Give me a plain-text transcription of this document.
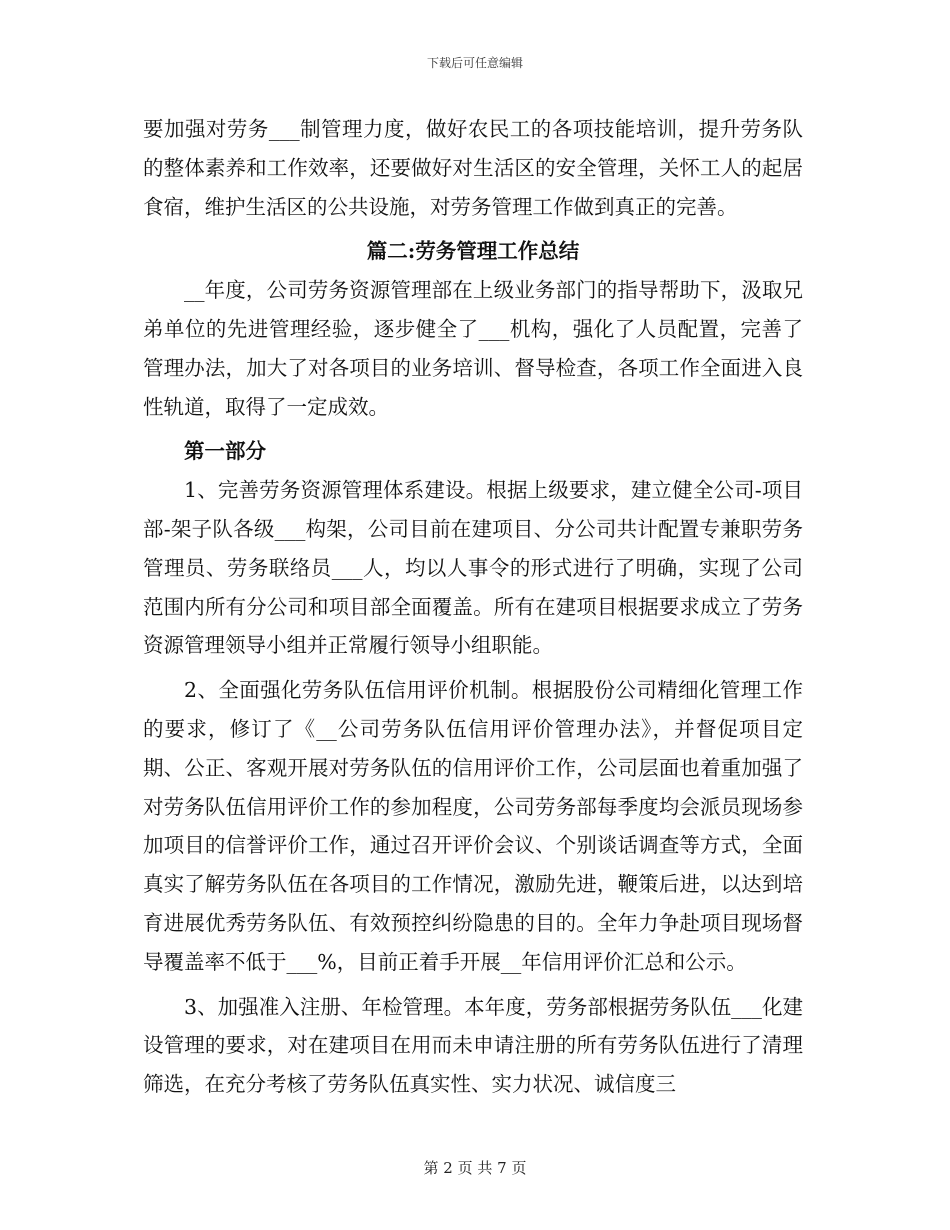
下载后可任意编辑

要加强对劳务___制管理力度，做好农民工的各项技能培训，提升劳务队的整体素养和工作效率，还要做好对生活区的安全管理，关怀工人的起居食宿，维护生活区的公共设施，对劳务管理工作做到真正的完善。

篇二:劳务管理工作总结

__年度，公司劳务资源管理部在上级业务部门的指导帮助下，汲取兄弟单位的先进管理经验，逐步健全了___机构，强化了人员配置，完善了管理办法，加大了对各项目的业务培训、督导检查，各项工作全面进入良性轨道，取得了一定成效。

第一部分

1、完善劳务资源管理体系建设。根据上级要求，建立健全公司-项目部-架子队各级___构架，公司目前在建项目、分公司共计配置专兼职劳务管理员、劳务联络员___人，均以人事令的形式进行了明确，实现了公司范围内所有分公司和项目部全面覆盖。所有在建项目根据要求成立了劳务资源管理领导小组并正常履行领导小组职能。

2、全面强化劳务队伍信用评价机制。根据股份公司精细化管理工作的要求，修订了《__公司劳务队伍信用评价管理办法》，并督促项目定期、公正、客观开展对劳务队伍的信用评价工作，公司层面也着重加强了对劳务队伍信用评价工作的参加程度，公司劳务部每季度均会派员现场参加项目的信誉评价工作，通过召开评价会议、个别谈话调查等方式，全面真实了解劳务队伍在各项目的工作情况，激励先进，鞭策后进，以达到培育进展优秀劳务队伍、有效预控纠纷隐患的目的。全年力争赴项目现场督导覆盖率不低于___%，目前正着手开展__年信用评价汇总和公示。

3、加强准入注册、年检管理。本年度，劳务部根据劳务队伍___化建设管理的要求，对在建项目在用而未申请注册的所有劳务队伍进行了清理筛选，在充分考核了劳务队伍真实性、实力状况、诚信度三

第 2 页 共 7 页
